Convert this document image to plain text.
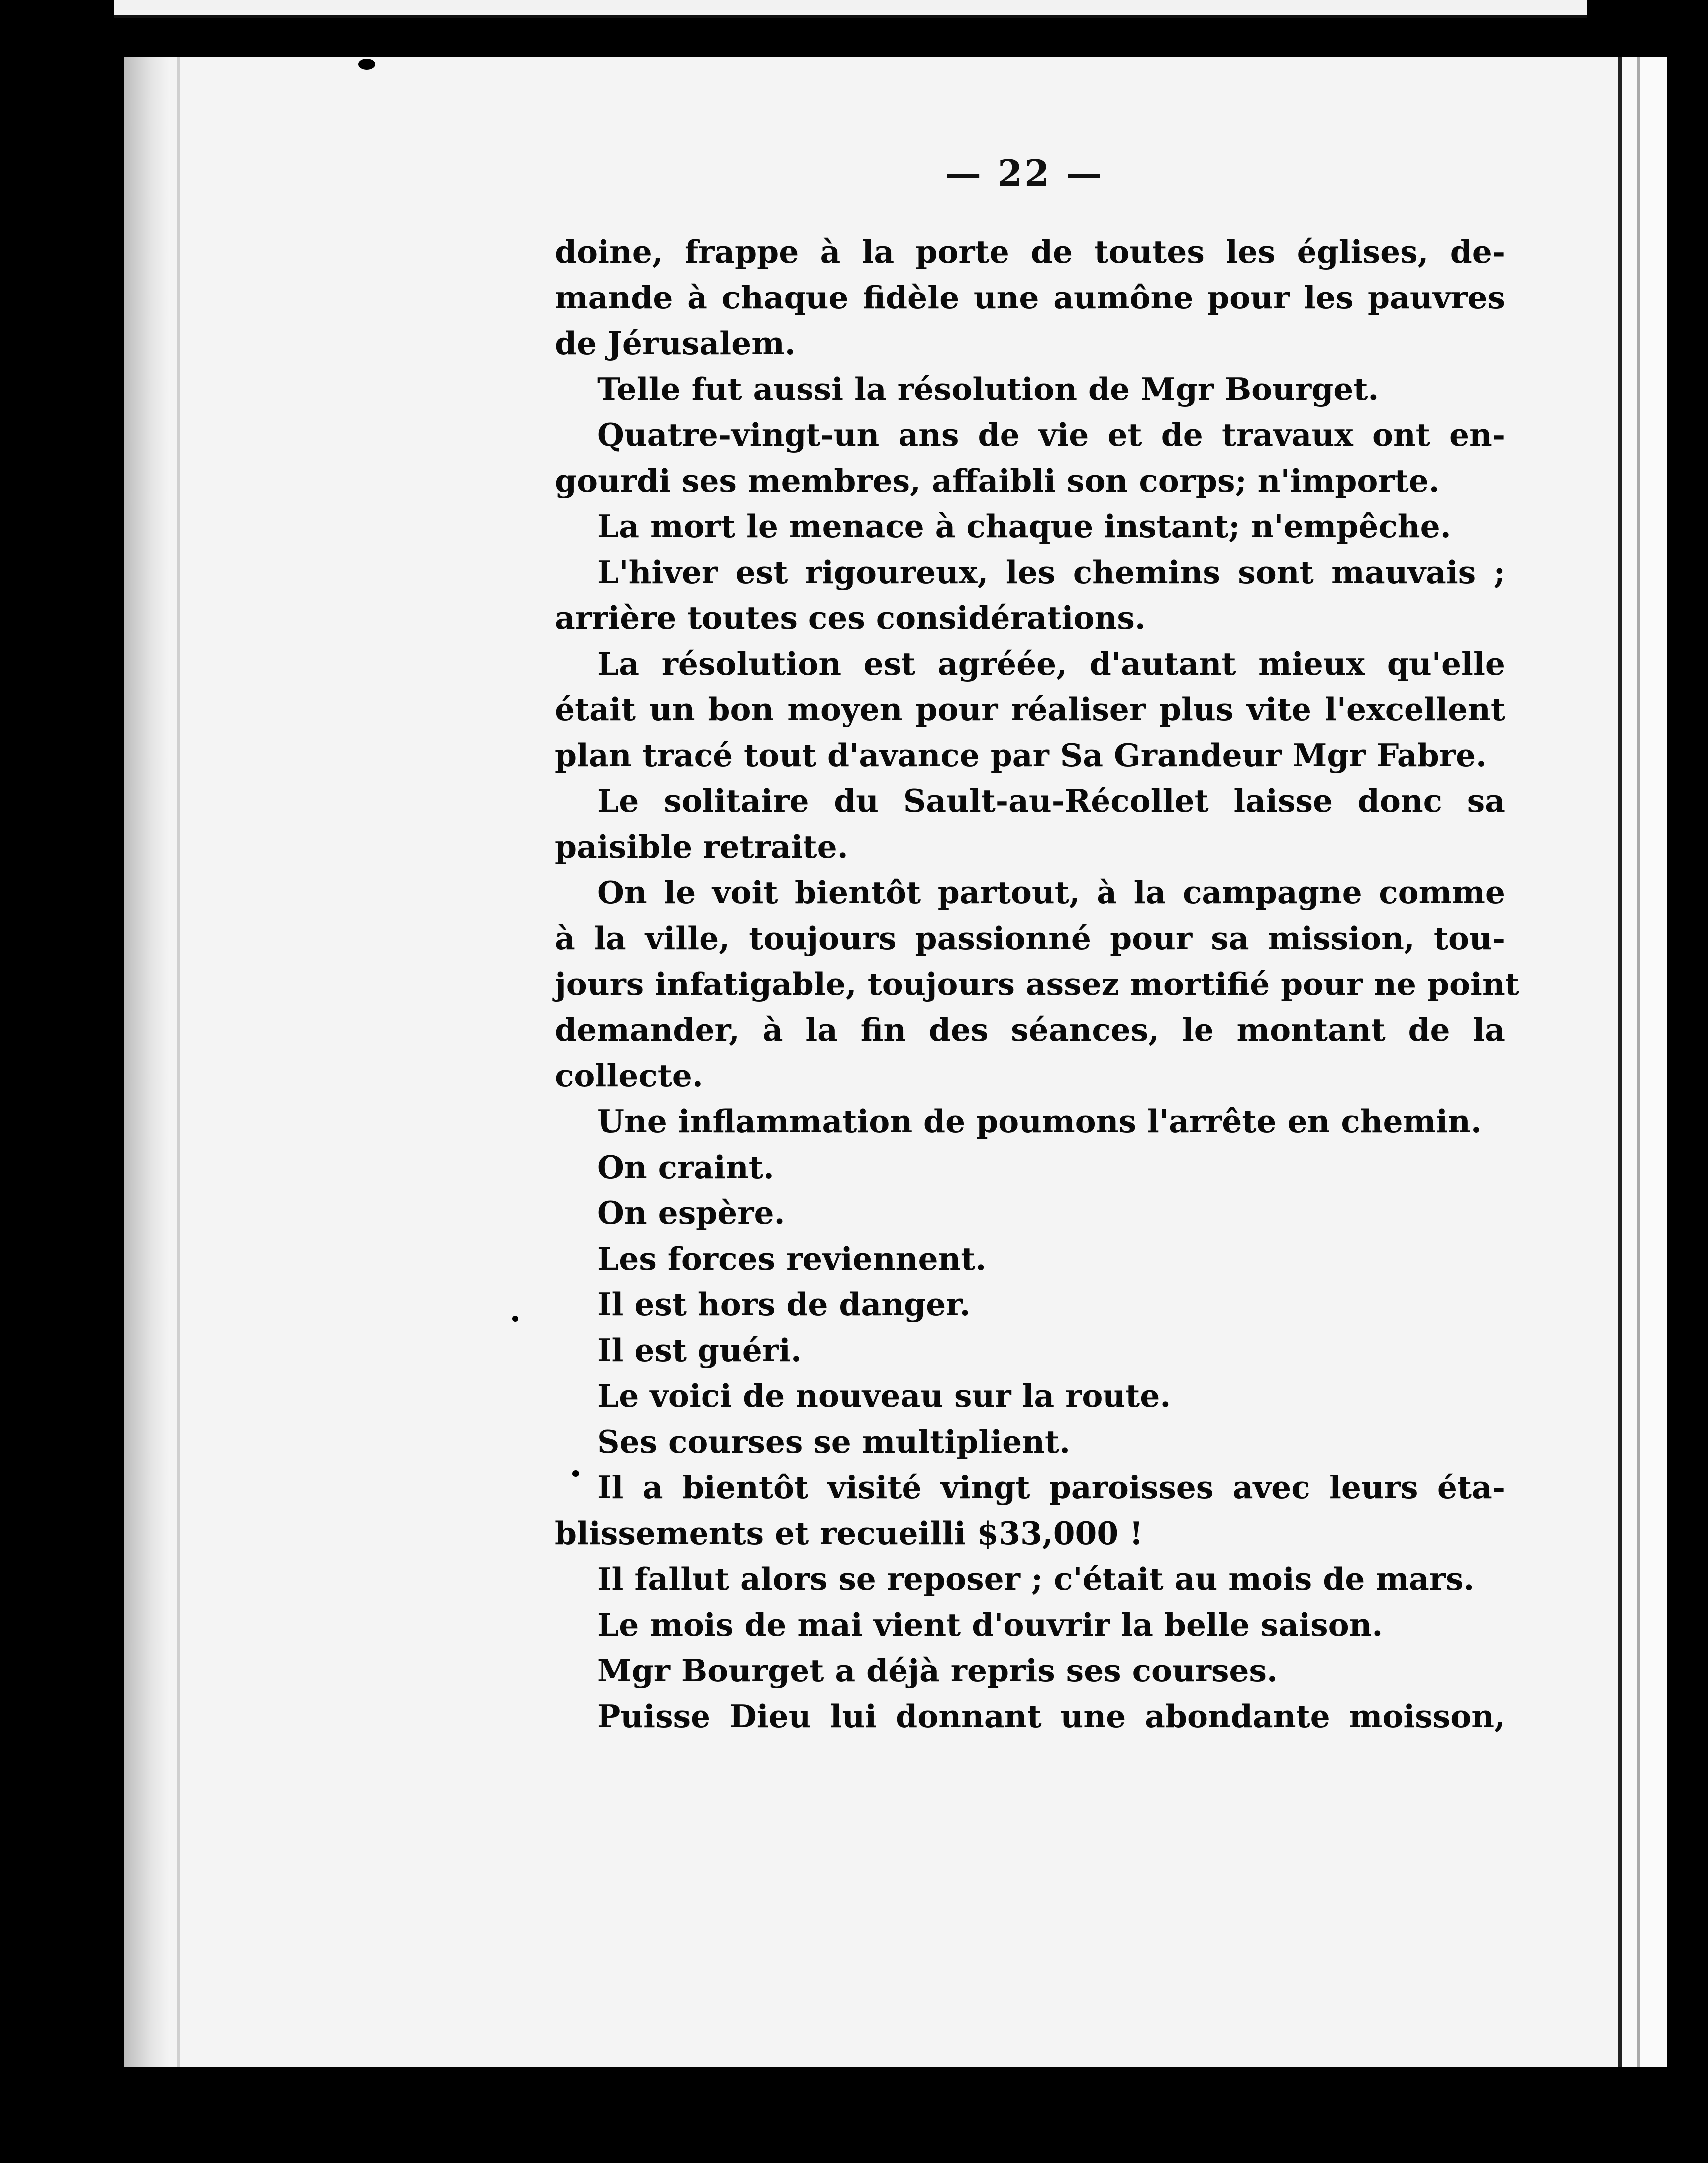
— 22 —
doine, frappe à la porte de toutes les églises, de-
mande à chaque fidèle une aumône pour les pauvres
de Jérusalem.
Telle fut aussi la résolution de Mgr Bourget.
Quatre-vingt-un ans de vie et de travaux ont en-
gourdi ses membres, affaibli son corps; n'importe.
La mort le menace à chaque instant; n'empêche.
L'hiver est rigoureux, les chemins sont mauvais ;
arrière toutes ces considérations.
La résolution est agréée, d'autant mieux qu'elle
était un bon moyen pour réaliser plus vite l'excellent
plan tracé tout d'avance par Sa Grandeur Mgr Fabre.
Le solitaire du Sault-au-Récollet laisse donc sa
paisible retraite.
On le voit bientôt partout, à la campagne comme
à la ville, toujours passionné pour sa mission, tou-
jours infatigable, toujours assez mortifié pour ne point
demander, à la fin des séances, le montant de la
collecte.
Une inflammation de poumons l'arrête en chemin.
On craint.
On espère.
Les forces reviennent.
Il est hors de danger.
Il est guéri.
Le voici de nouveau sur la route.
Ses courses se multiplient.
Il a bientôt visité vingt paroisses avec leurs éta-
blissements et recueilli $33,000 !
Il fallut alors se reposer ; c'était au mois de mars.
Le mois de mai vient d'ouvrir la belle saison.
Mgr Bourget a déjà repris ses courses.
Puisse Dieu lui donnant une abondante moisson,
